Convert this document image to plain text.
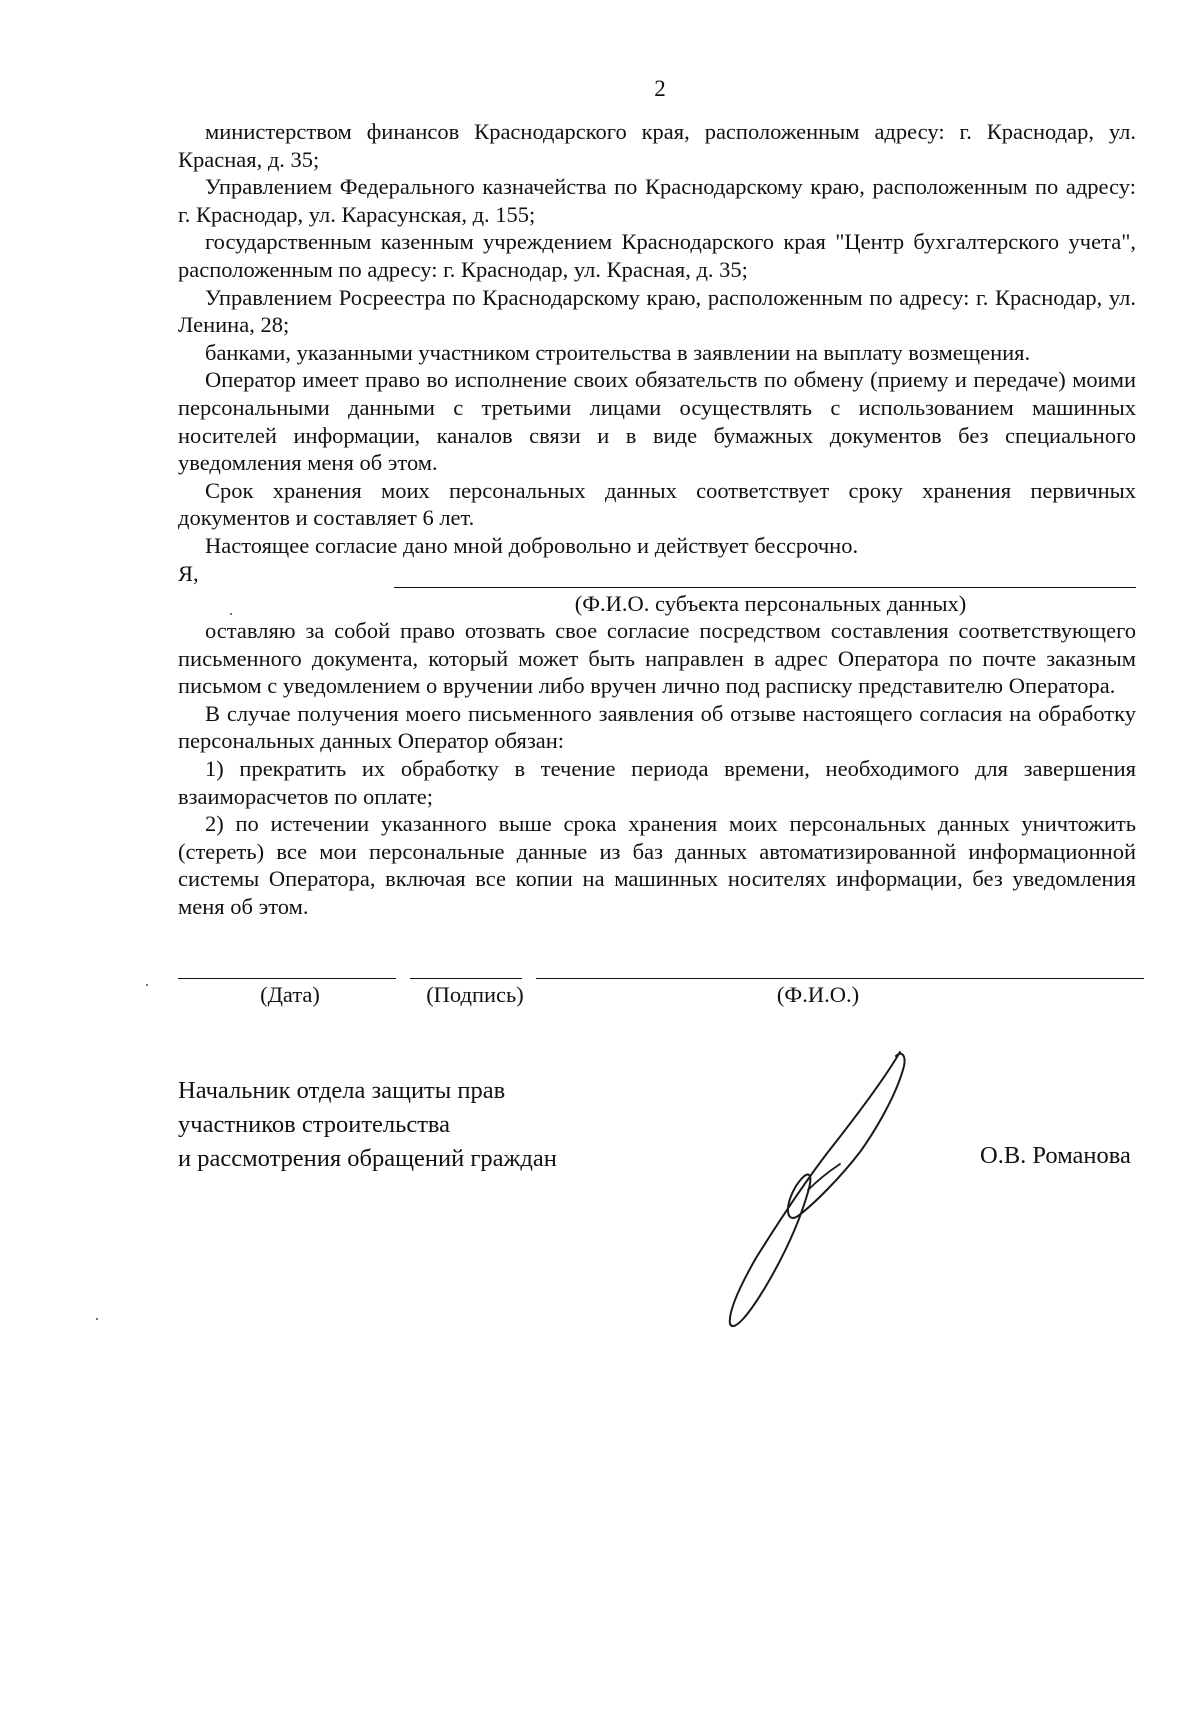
2

министерством финансов Краснодарского края, расположенным адресу: г. Краснодар, ул. Красная, д. 35;

Управлением Федерального казначейства по Краснодарскому краю, расположенным по адресу: г. Краснодар, ул. Карасунская, д. 155;

государственным казенным учреждением Краснодарского края "Центр бухгалтерского учета", расположенным по адресу: г. Краснодар, ул. Красная, д. 35;

Управлением Росреестра по Краснодарскому краю, расположенным по адресу: г. Краснодар, ул. Ленина, 28;

банками, указанными участником строительства в заявлении на выплату возмещения.

Оператор имеет право во исполнение своих обязательств по обмену (приему и передаче) моими персональными данными с третьими лицами осуществлять с использованием машинных носителей информации, каналов связи и в виде бумажных документов без специального уведомления меня об этом.

Срок хранения моих персональных данных соответствует сроку хранения первичных документов и составляет 6 лет.

Настоящее согласие дано мной добровольно и действует бессрочно.

Я,

(Ф.И.О. субъекта персональных данных)

оставляю за собой право отозвать свое согласие посредством составления соответствующего письменного документа, который может быть направлен в адрес Оператора по почте заказным письмом с уведомлением о вручении либо вручен лично под расписку представителю Оператора.

В случае получения моего письменного заявления об отзыве настоящего согласия на обработку персональных данных Оператор обязан:

1) прекратить их обработку в течение периода времени, необходимого для завершения взаиморасчетов по оплате;

2) по истечении указанного выше срока хранения моих персональных данных уничтожить (стереть) все мои персональные данные из баз данных автоматизированной информационной системы Оператора, включая все копии на машинных носителях информации, без уведомления меня об этом.

(Дата)	(Подпись)	(Ф.И.О.)
Начальник отдела защиты прав
участников строительства
и рассмотрения обращений граждан	О.В. Романова
